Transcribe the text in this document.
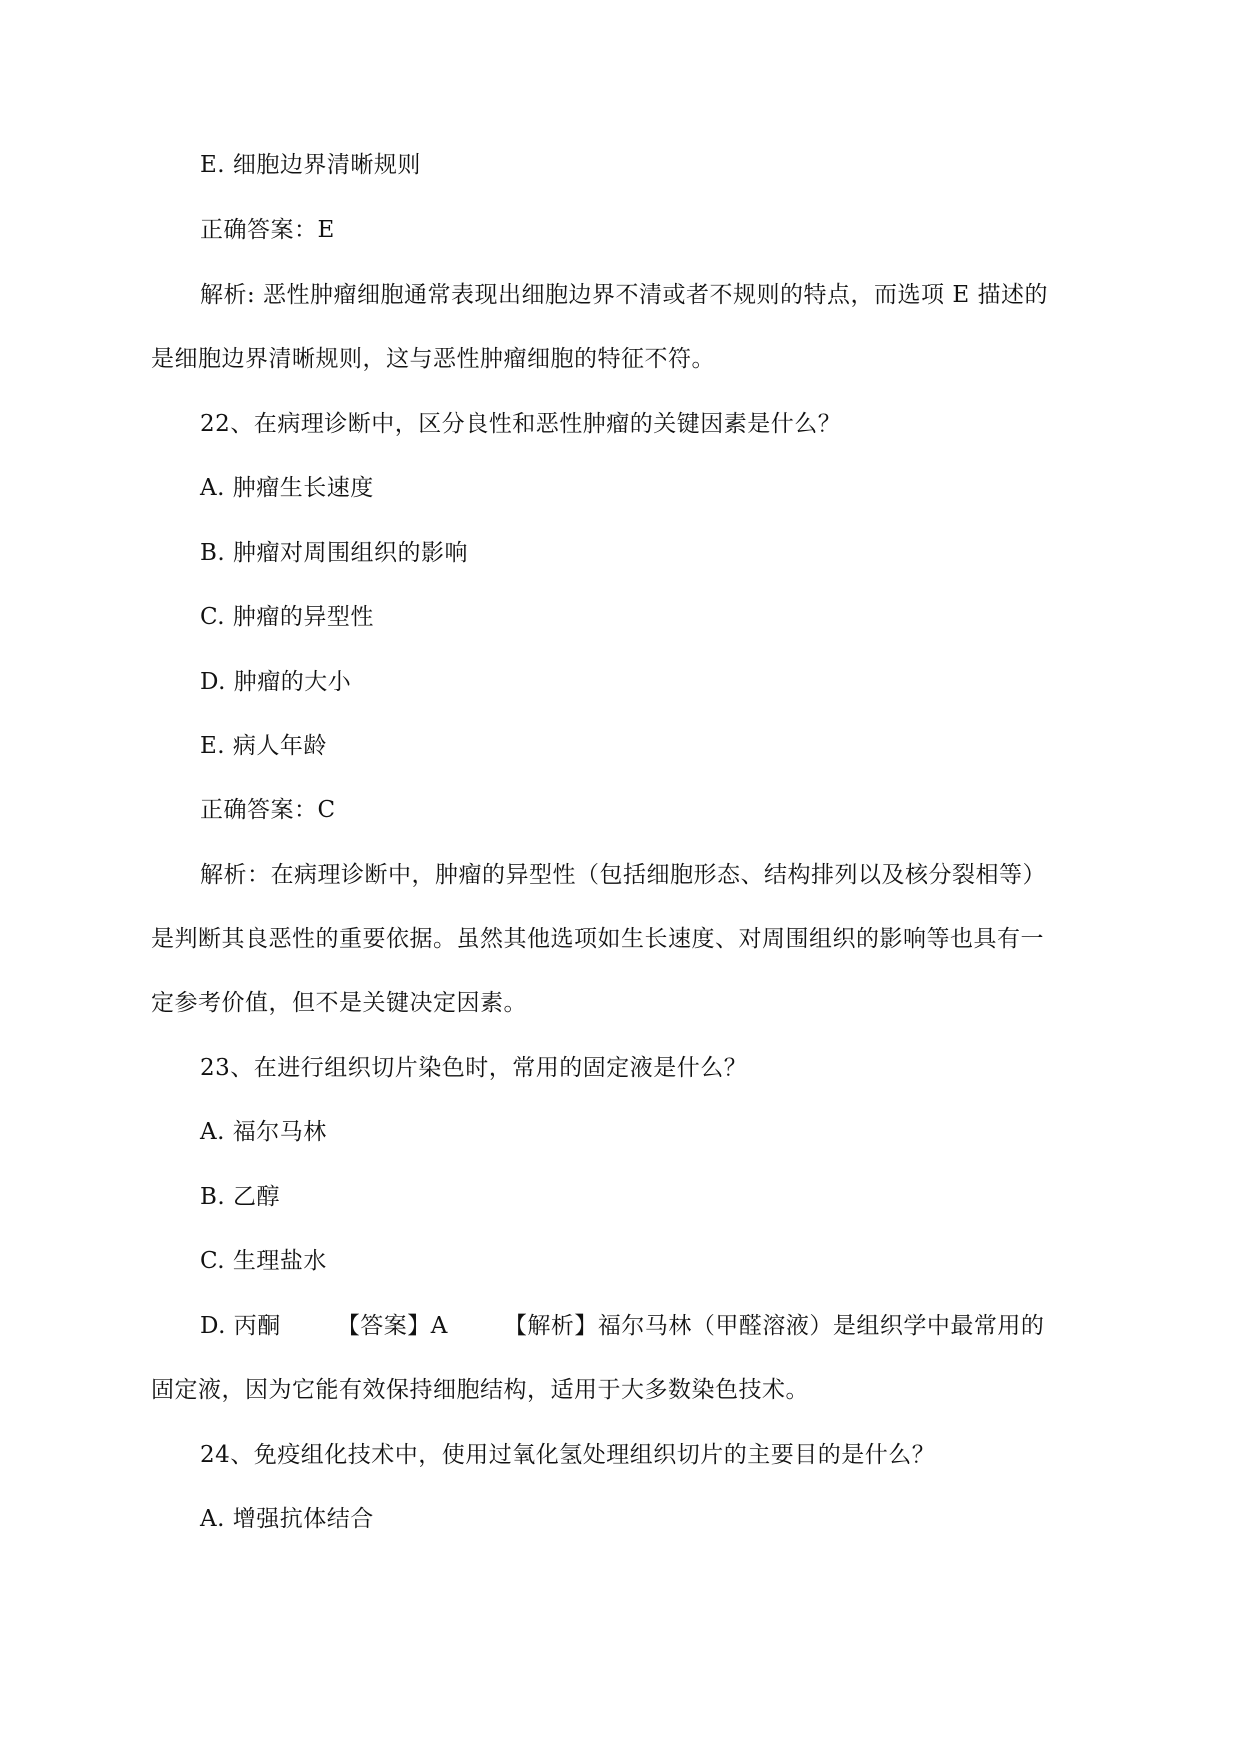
E. 细胞边界清晰规则
正确答案：E
解析: 恶性肿瘤细胞通常表现出细胞边界不清或者不规则的特点，而选项 E 描述的
是细胞边界清晰规则，这与恶性肿瘤细胞的特征不符。
22、在病理诊断中，区分良性和恶性肿瘤的关键因素是什么？
A. 肿瘤生长速度
B. 肿瘤对周围组织的影响
C. 肿瘤的异型性
D. 肿瘤的大小
E. 病人年龄
正确答案：C
解析：在病理诊断中，肿瘤的异型性（包括细胞形态、结构排列以及核分裂相等）
是判断其良恶性的重要依据。虽然其他选项如生长速度、对周围组织的影响等也具有一
定参考价值，但不是关键决定因素。
23、在进行组织切片染色时，常用的固定液是什么？
A. 福尔马林
B. 乙醇
C. 生理盐水
D. 丙酮 【答案】A 【解析】福尔马林（甲醛溶液）是组织学中最常用的
固定液，因为它能有效保持细胞结构，适用于大多数染色技术。
24、免疫组化技术中，使用过氧化氢处理组织切片的主要目的是什么？
A. 增强抗体结合
